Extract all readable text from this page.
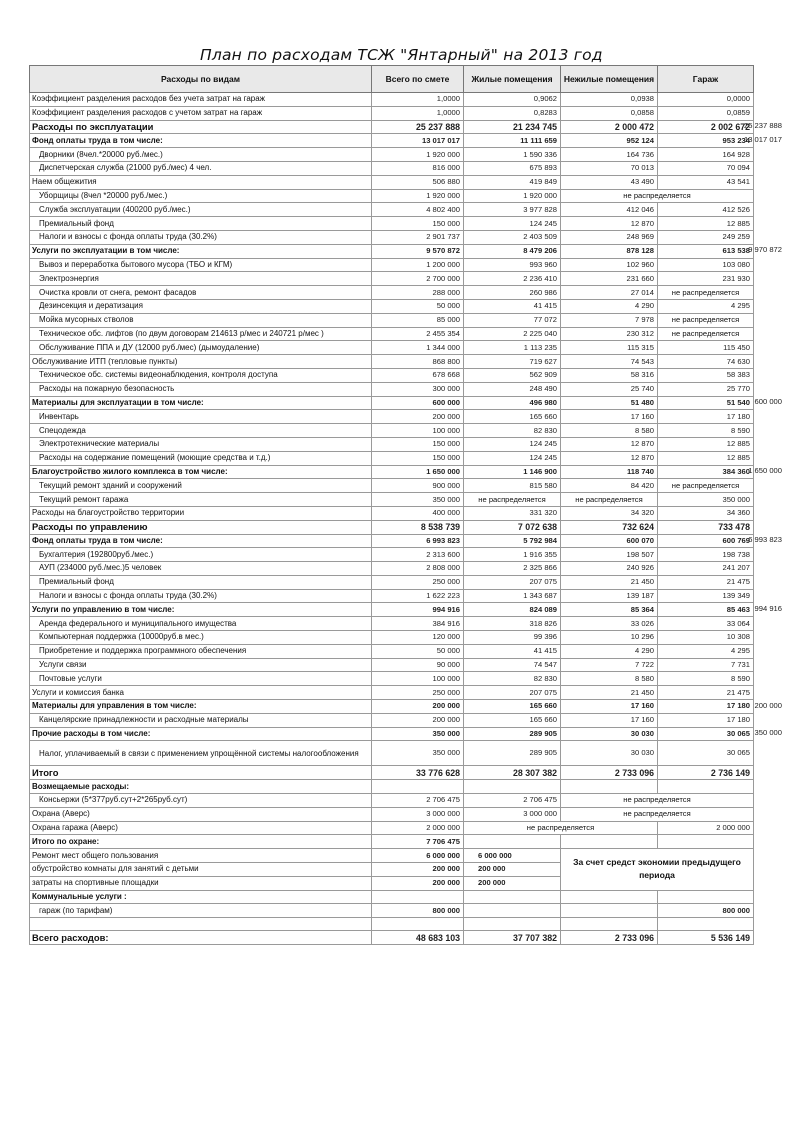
План по расходам ТСЖ "Янтарный" на 2013 год
Расходы по видам	Всего по смете	Жилые помещения	Нежилые помещения	Гараж
Коэффициент разделения расходов без учета затрат на гараж	1,0000	0,9062	0,0938	0,0000
Коэффициент разделения расходов с учетом затрат на гараж	1,0000	0,8283	0,0858	0,0859
Расходы по эксплуатации	25 237 888	21 234 745	2 000 472	2 002 672
Фонд оплаты труда в том числе:	13 017 017	11 111 659	952 124	953 234
Дворники (8чел.*20000 руб./мес.)	1 920 000	1 590 336	164 736	164 928
Диспетчерская служба (21000 руб./мес) 4 чел.	816 000	675 893	70 013	70 094
Наем общежития	506 880	419 849	43 490	43 541
Уборщицы (8чел *20000 руб./мес.)	1 920 000	1 920 000	не распределяется	
Служба эксплуатации (400200 руб./мес.)	4 802 400	3 977 828	412 046	412 526
Премиальный фонд	150 000	124 245	12 870	12 885
Налоги и взносы с фонда оплаты труда (30.2%)	2 901 737	2 403 509	248 969	249 259
Услуги по эксплуатации в том числе:	9 570 872	8 479 206	878 128	613 538
Вывоз и переработка бытового мусора (ТБО и КГМ)	1 200 000	993 960	102 960	103 080
Электроэнергия	2 700 000	2 236 410	231 660	231 930
Очистка кровли от снега, ремонт фасадов	288 000	260 986	27 014	не распределяется
Дезинсекция и дератизация	50 000	41 415	4 290	4 295
Мойка мусорных стволов	85 000	77 072	7 978	не распределяется
Техническое обс. лифтов (по двум договорам 214613 р/мес и 240721 р/мес )	2 455 354	2 225 040	230 312	не распределяется
Обслуживание ППА и ДУ (12000 руб./мес) (дымоудаление)	1 344 000	1 113 235	115 315	115 450
Обслуживание ИТП (тепловые пункты)	868 800	719 627	74 543	74 630
Техническое обс. системы видеонаблюдения, контроля доступа	678 668	562 909	58 316	58 383
Расходы на пожарную безопасность	300 000	248 490	25 740	25 770
Материалы для эксплуатации в том числе:	600 000	496 980	51 480	51 540
Инвентарь	200 000	165 660	17 160	17 180
Спецодежда	100 000	82 830	8 580	8 590
Электротехнические материалы	150 000	124 245	12 870	12 885
Расходы на содержание помещений (моющие средства и т.д.)	150 000	124 245	12 870	12 885
Благоустройство жилого комплекса в том числе:	1 650 000	1 146 900	118 740	384 360
Текущий ремонт зданий и сооружений	900 000	815 580	84 420	не распределяется
Текущий ремонт гаража	350 000	не распределяется	не распределяется	350 000
Расходы на благоустройство территории	400 000	331 320	34 320	34 360
Расходы по управлению	8 538 739	7 072 638	732 624	733 478
Фонд оплаты труда в том числе:	6 993 823	5 792 984	600 070	600 769
Бухгалтерия (192800руб./мес.)	2 313 600	1 916 355	198 507	198 738
АУП (234000 руб./мес.)5 человек	2 808 000	2 325 866	240 926	241 207
Премиальный фонд	250 000	207 075	21 450	21 475
Налоги и взносы с фонда оплаты труда (30.2%)	1 622 223	1 343 687	139 187	139 349
Услуги по управлению в том числе:	994 916	824 089	85 364	85 463
Аренда федерального и муниципального имущества	384 916	318 826	33 026	33 064
Компьютерная поддержка (10000руб.в мес.)	120 000	99 396	10 296	10 308
Приобретение и поддержка программного обеспечения	50 000	41 415	4 290	4 295
Услуги связи	90 000	74 547	7 722	7 731
Почтовые услуги	100 000	82 830	8 580	8 590
Услуги и комиссия банка	250 000	207 075	21 450	21 475
Материалы для управления в том числе:	200 000	165 660	17 160	17 180
Канцелярские принадлежности и расходные материалы	200 000	165 660	17 160	17 180
Прочие расходы в том числе:	350 000	289 905	30 030	30 065
Налог, уплачиваемый в связи с применением упрощённой системы налогообложения	350 000	289 905	30 030	30 065
Итого	33 776 628	28 307 382	2 733 096	2 736 149
Возмещаемые расходы:				
Консьержи (5*377руб.сут+2*265руб.сут)	2 706 475	2 706 475	не распределяется	
Охрана (Аверс)	3 000 000	3 000 000	не распределяется	
Охрана гаража (Аверс)	2 000 000	не распределяется		2 000 000
Итого по охране:	7 706 475			
Ремонт мест общего пользования	6 000 000	6 000 000	За счет средст экономии предыдущего периода	
обустройство комнаты для занятий с детьми	200 000	200 000		
затраты на спортивные площадки	200 000	200 000		
Коммунальные услуги :				
гараж (по тарифам)	800 000			800 000

Всего расходов:	48 683 103	37 707 382	2 733 096	5 536 149
25 237 888
13 017 017
9 970 872
600 000
1 650 000
6 993 823
994 916
200 000
350 000
